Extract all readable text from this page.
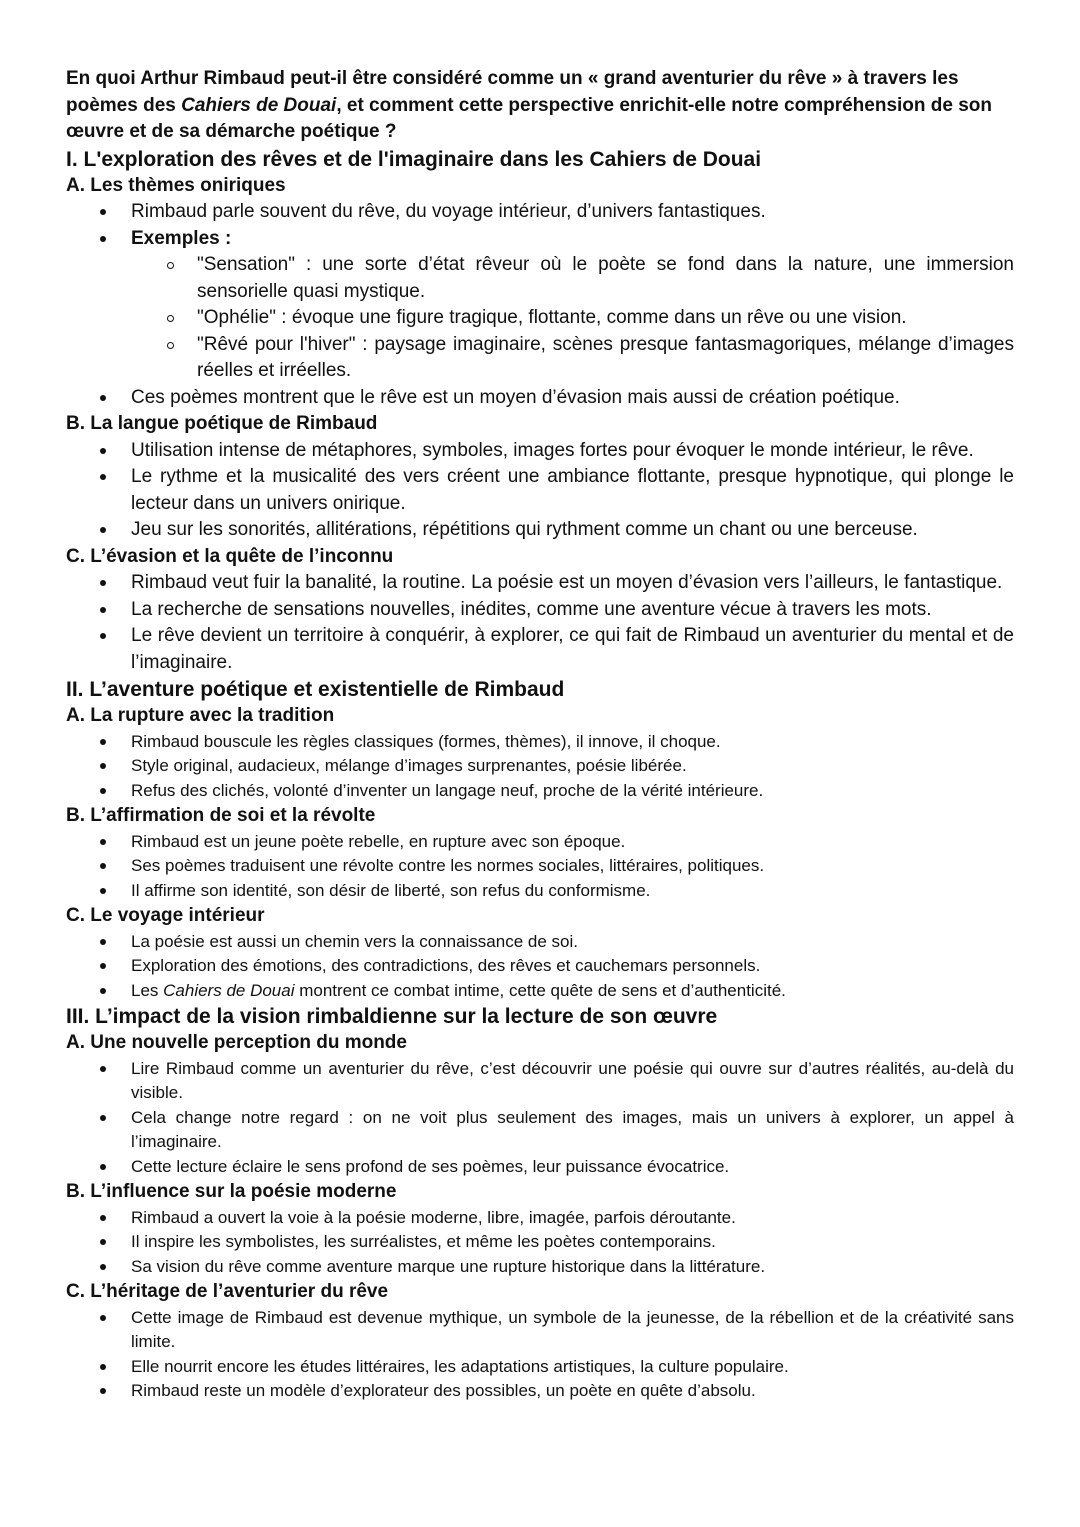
En quoi Arthur Rimbaud peut-il être considéré comme un « grand aventurier du rêve » à travers les poèmes des Cahiers de Douai, et comment cette perspective enrichit-elle notre compréhension de son œuvre et de sa démarche poétique ?

I. L'exploration des rêves et de l'imaginaire dans les Cahiers de Douai

A. Les thèmes oniriques

Rimbaud parle souvent du rêve, du voyage intérieur, d’univers fantastiques.
Exemples :
"Sensation" : une sorte d’état rêveur où le poète se fond dans la nature, une immersion sensorielle quasi mystique.
"Ophélie" : évoque une figure tragique, flottante, comme dans un rêve ou une vision.
"Rêvé pour l'hiver" : paysage imaginaire, scènes presque fantasmagoriques, mélange d’images réelles et irréelles.
Ces poèmes montrent que le rêve est un moyen d’évasion mais aussi de création poétique.

B. La langue poétique de Rimbaud

Utilisation intense de métaphores, symboles, images fortes pour évoquer le monde intérieur, le rêve.
Le rythme et la musicalité des vers créent une ambiance flottante, presque hypnotique, qui plonge le lecteur dans un univers onirique.
Jeu sur les sonorités, allitérations, répétitions qui rythment comme un chant ou une berceuse.

C. L’évasion et la quête de l’inconnu

Rimbaud veut fuir la banalité, la routine. La poésie est un moyen d’évasion vers l’ailleurs, le fantastique.
La recherche de sensations nouvelles, inédites, comme une aventure vécue à travers les mots.
Le rêve devient un territoire à conquérir, à explorer, ce qui fait de Rimbaud un aventurier du mental et de l’imaginaire.

II. L’aventure poétique et existentielle de Rimbaud

A. La rupture avec la tradition

Rimbaud bouscule les règles classiques (formes, thèmes), il innove, il choque.
Style original, audacieux, mélange d’images surprenantes, poésie libérée.
Refus des clichés, volonté d’inventer un langage neuf, proche de la vérité intérieure.

B. L’affirmation de soi et la révolte

Rimbaud est un jeune poète rebelle, en rupture avec son époque.
Ses poèmes traduisent une révolte contre les normes sociales, littéraires, politiques.
Il affirme son identité, son désir de liberté, son refus du conformisme.

C. Le voyage intérieur

La poésie est aussi un chemin vers la connaissance de soi.
Exploration des émotions, des contradictions, des rêves et cauchemars personnels.
Les Cahiers de Douai montrent ce combat intime, cette quête de sens et d’authenticité.

III. L’impact de la vision rimbaldienne sur la lecture de son œuvre

A. Une nouvelle perception du monde

Lire Rimbaud comme un aventurier du rêve, c’est découvrir une poésie qui ouvre sur d’autres réalités, au-delà du visible.
Cela change notre regard : on ne voit plus seulement des images, mais un univers à explorer, un appel à l’imaginaire.
Cette lecture éclaire le sens profond de ses poèmes, leur puissance évocatrice.

B. L’influence sur la poésie moderne

Rimbaud a ouvert la voie à la poésie moderne, libre, imagée, parfois déroutante.
Il inspire les symbolistes, les surréalistes, et même les poètes contemporains.
Sa vision du rêve comme aventure marque une rupture historique dans la littérature.

C. L’héritage de l’aventurier du rêve

Cette image de Rimbaud est devenue mythique, un symbole de la jeunesse, de la rébellion et de la créativité sans limite.
Elle nourrit encore les études littéraires, les adaptations artistiques, la culture populaire.
Rimbaud reste un modèle d’explorateur des possibles, un poète en quête d’absolu.
